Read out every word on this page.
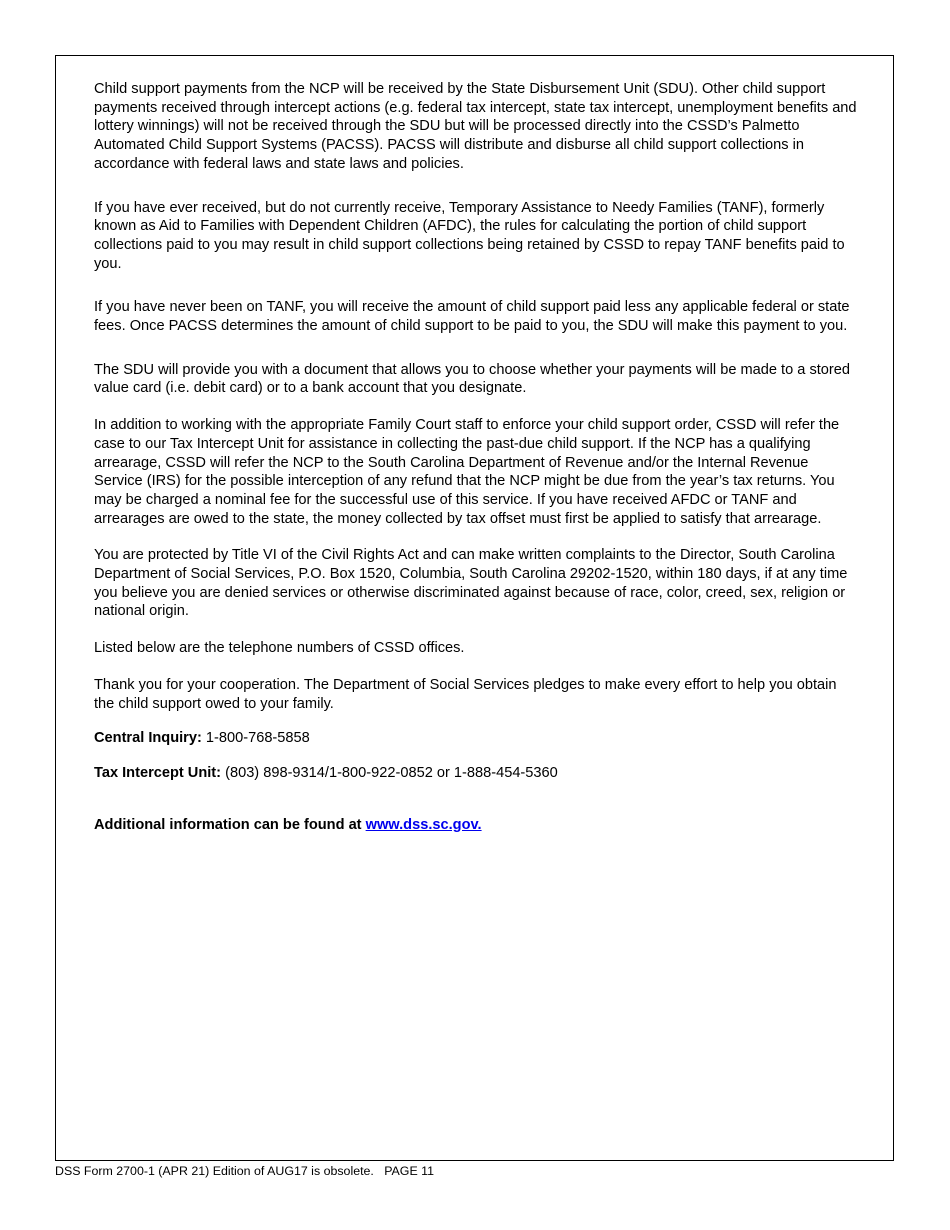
Child support payments from the NCP will be received by the State Disbursement Unit (SDU). Other child support payments received through intercept actions (e.g. federal tax intercept, state tax intercept, unemployment benefits and lottery winnings) will not be received through the SDU but will be processed directly into the CSSD’s Palmetto Automated Child Support Systems (PACSS). PACSS will distribute and disburse all child support collections in accordance with federal laws and state laws and policies.

If you have ever received, but do not currently receive, Temporary Assistance to Needy Families (TANF), formerly known as Aid to Families with Dependent Children (AFDC), the rules for calculating the portion of child support collections paid to you may result in child support collections being retained by CSSD to repay TANF benefits paid to you.

If you have never been on TANF, you will receive the amount of child support paid less any applicable federal or state fees. Once PACSS determines the amount of child support to be paid to you, the SDU will make this payment to you.

The SDU will provide you with a document that allows you to choose whether your payments will be made to a stored value card (i.e. debit card) or to a bank account that you designate.

In addition to working with the appropriate Family Court staff to enforce your child support order, CSSD will refer the case to our Tax Intercept Unit for assistance in collecting the past-due child support. If the NCP has a qualifying arrearage, CSSD will refer the NCP to the South Carolina Department of Revenue and/or the Internal Revenue Service (IRS) for the possible interception of any refund that the NCP might be due from the year’s tax returns. You may be charged a nominal fee for the successful use of this service. If you have received AFDC or TANF and arrearages are owed to the state, the money collected by tax offset must first be applied to satisfy that arrearage.

You are protected by Title VI of the Civil Rights Act and can make written complaints to the Director, South Carolina Department of Social Services, P.O. Box 1520, Columbia, South Carolina 29202-1520, within 180 days, if at any time you believe you are denied services or otherwise discriminated against because of race, color, creed, sex, religion or national origin.

Listed below are the telephone numbers of CSSD offices.

Thank you for your cooperation. The Department of Social Services pledges to make every effort to help you obtain the child support owed to your family.

Central Inquiry: 1-800-768-5858

Tax Intercept Unit: (803) 898-9314/1-800-922-0852 or 1-888-454-5360

Additional information can be found at www.dss.sc.gov.

DSS Form 2700-1 (APR 21) Edition of AUG17 is obsolete.   PAGE 11
